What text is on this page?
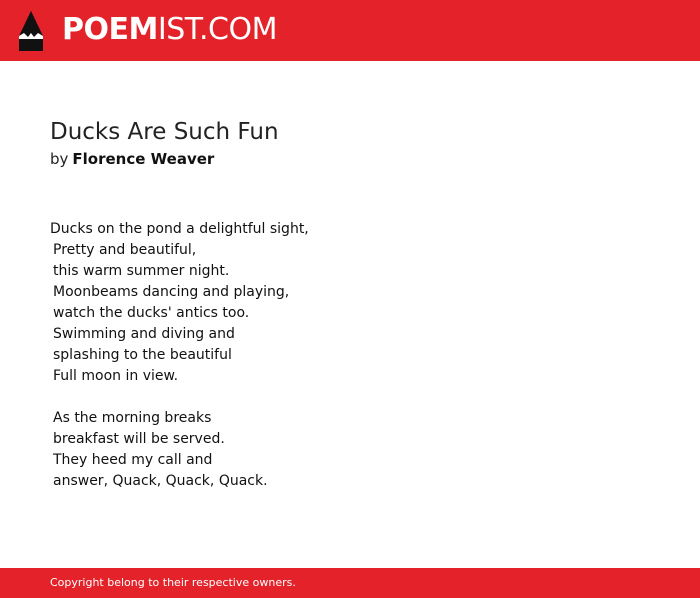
POEMIST.COM
Ducks Are Such Fun
by Florence Weaver
Ducks on the pond a delightful sight,
Pretty and beautiful,
this warm summer night.
Moonbeams dancing and playing,
watch the ducks' antics too.
Swimming and diving and
splashing to the beautiful
Full moon in view.
As the morning breaks
breakfast will be served.
They heed my call and
answer, Quack, Quack, Quack.
Copyright belong to their respective owners.
